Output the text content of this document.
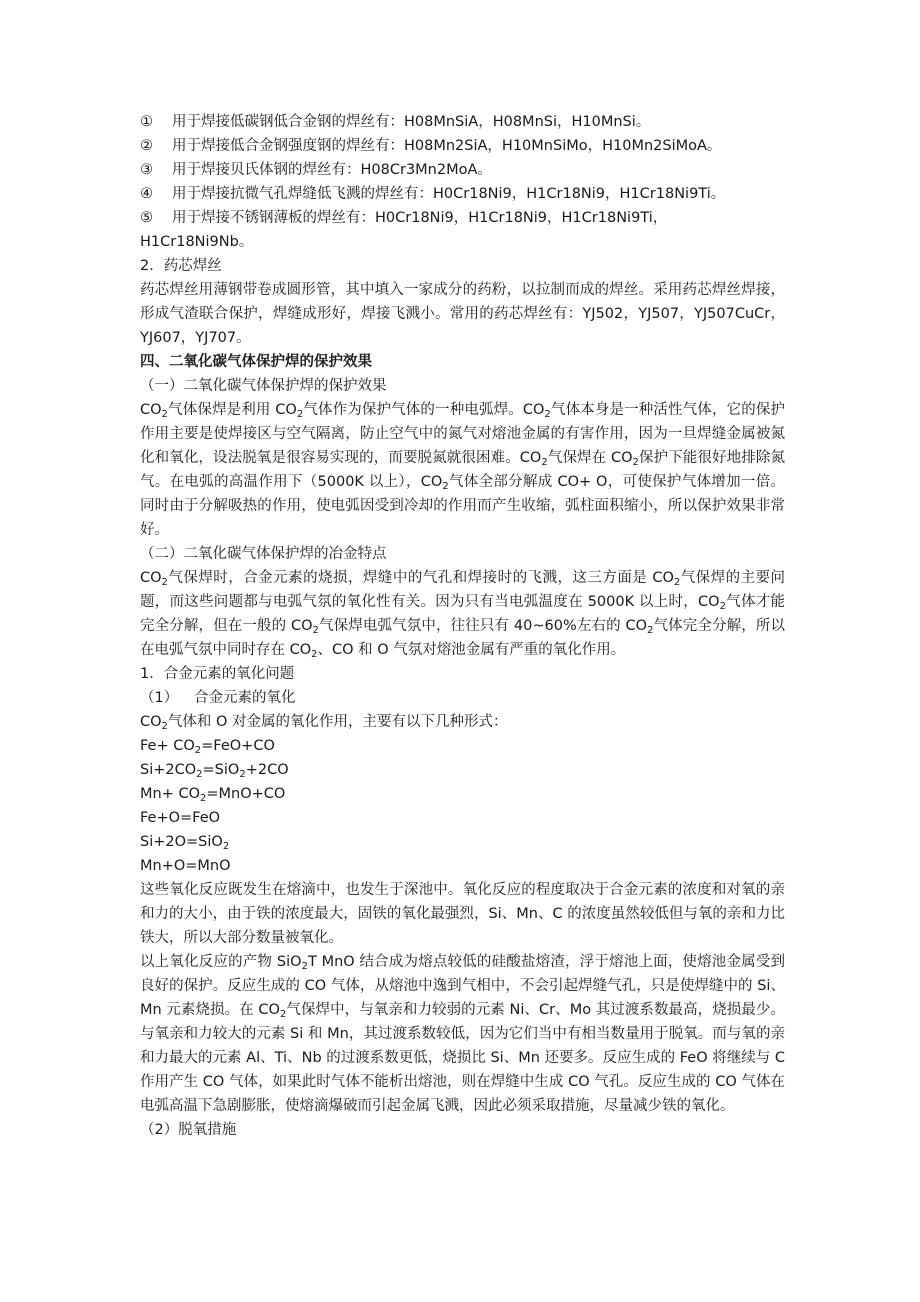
①	用于焊接低碳钢低合金钢的焊丝有：H08MnSiA，H08MnSi，H10MnSi。
②	用于焊接低合金钢强度钢的焊丝有：H08Mn2SiA，H10MnSiMo，H10Mn2SiMoA。
③	用于焊接贝氏体钢的焊丝有：H08Cr3Mn2MoA。
④	用于焊接抗微气孔焊缝低飞溅的焊丝有：H0Cr18Ni9，H1Cr18Ni9，H1Cr18Ni9Ti。
⑤	用于焊接不锈钢薄板的焊丝有：H0Cr18Ni9，H1Cr18Ni9，H1Cr18Ni9Ti，
H1Cr18Ni9Nb。
2．药芯焊丝
药芯焊丝用薄钢带卷成圆形管，其中填入一家成分的药粉，以拉制而成的焊丝。采用药芯焊丝焊接，形成气渣联合保护，焊缝成形好，焊接飞溅小。常用的药芯焊丝有：YJ502，YJ507，YJ507CuCr，YJ607，YJ707。
四、二氧化碳气体保护焊的保护效果
（一）二氧化碳气体保护焊的保护效果
$CO_2$气体保焊是利用 $CO_2$气体作为保护气体的一种电弧焊。$CO_2$气体本身是一种活性气体，它的保护作用主要是使焊接区与空气隔离，防止空气中的氮气对熔池金属的有害作用，因为一旦焊缝金属被氮化和氧化，设法脱氧是很容易实现的，而要脱氮就很困难。$CO_2$气保焊在 $CO_2$保护下能很好地排除氮气。在电弧的高温作用下（5000K 以上），$CO_2$气体全部分解成 CO+ O，可使保护气体增加一倍。同时由于分解吸热的作用，使电弧因受到冷却的作用而产生收缩，弧柱面积缩小，所以保护效果非常好。
（二）二氧化碳气体保护焊的冶金特点
$CO_2$气保焊时，合金元素的烧损，焊缝中的气孔和焊接时的飞溅，这三方面是 $CO_2$气保焊的主要问题，而这些问题都与电弧气氛的氧化性有关。因为只有当电弧温度在 5000K 以上时，$CO_2$气体才能完全分解，但在一般的 $CO_2$气保焊电弧气氛中，往往只有 40~60%左右的 $CO_2$气体完全分解，所以在电弧气氛中同时存在 $CO_2$、CO 和 O 气氛对熔池金属有严重的氧化作用。
1．合金元素的氧化问题
（1） 合金元素的氧化
$CO_2$气体和 O 对金属的氧化作用，主要有以下几种形式：
$Fe+ CO_2=FeO+CO$
$Si+2CO_2=SiO_2+2CO$
$Mn+ CO_2=MnO+CO$
Fe+O=FeO
Si+2O=SiO$_2$
Mn+O=MnO
这些氧化反应既发生在熔滴中，也发生于深池中。氧化反应的程度取决于合金元素的浓度和对氧的亲和力的大小，由于铁的浓度最大，固铁的氧化最强烈，Si、Mn、C 的浓度虽然较低但与氧的亲和力比铁大，所以大部分数量被氧化。
以上氧化反应的产物 SiO$_2$T MnO 结合成为熔点较低的硅酸盐熔渣，浮于熔池上面，使熔池金属受到良好的保护。反应生成的 CO 气体，从熔池中逸到气相中，不会引起焊缝气孔，只是使焊缝中的 Si、Mn 元素烧损。在 $CO_2$气保焊中，与氧亲和力较弱的元素 Ni、Cr、Mo 其过渡系数最高，烧损最少。与氧亲和力较大的元素 Si 和 Mn，其过渡系数较低，因为它们当中有相当数量用于脱氧。而与氧的亲和力最大的元素 Al、Ti、Nb 的过渡系数更低，烧损比 Si、Mn 还要多。反应生成的 FeO 将继续与 C 作用产生 CO 气体，如果此时气体不能析出熔池，则在焊缝中生成 CO 气孔。反应生成的 CO 气体在电弧高温下急剧膨胀，使熔滴爆破而引起金属飞溅，因此必须采取措施，尽量减少铁的氧化。
（2）脱氧措施
